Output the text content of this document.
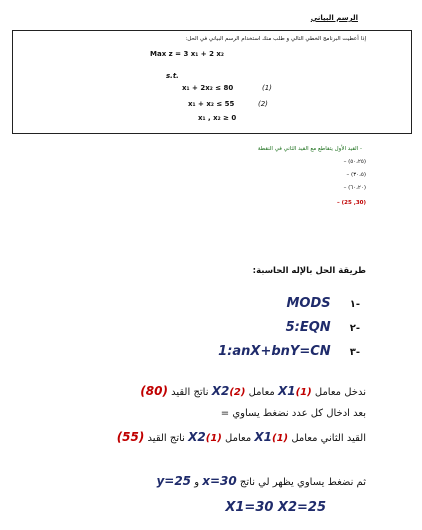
الرسم البياني
إذا أعطيت البرنامج الخطي التالي و طلب منك استخدام الرسم البياني في الحل:
Max z = 3 x₁ + 2 x₂
s.t.
x₁ + 2x₂ ≤ 80	(1)
x₁ + x₂ ≤ 55	(2)
x₁ , x₂ ≥ 0
- القيد الأول يتقاطع مع القيد الثاني في النقطة
(٥٠،٢٥) –
(٣٠،٥) –
(٦٠،٢٠) –
(30, 25) –
طريقة الحل بالإله الحاسبة:
MODS ١-
5:EQN ٢-
1:anX+bnY=CN ٣-
ندخل معامل X1(1) معامل X2(2) ناتج القيد (80)
بعد ادخال كل عدد نضغط يساوي =
القيد الثاني معامل X1(1) معامل X2(1) ناتج القيد (55)
ثم نضغط يساوي يظهر لي ناتج x=30 و y=25
X1=30 X2=25
